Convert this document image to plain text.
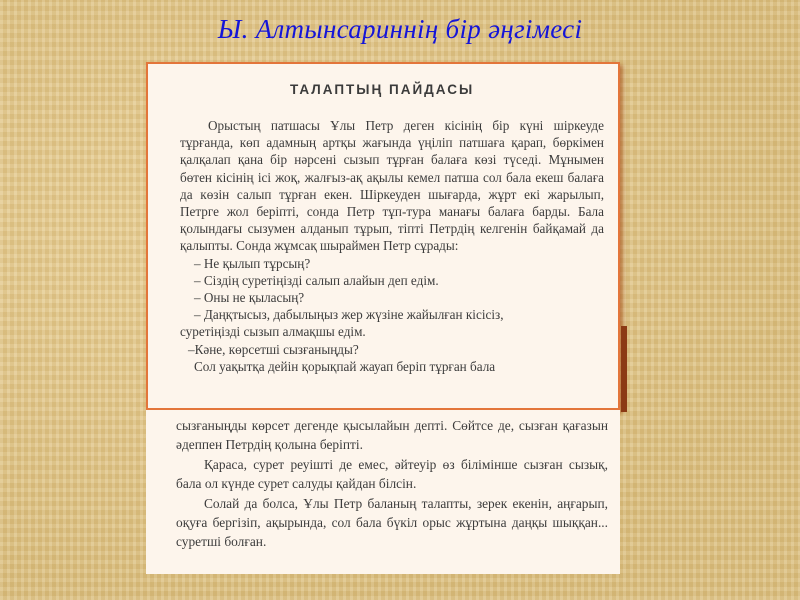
Ы. Алтынсариннің бір әңгімесі
ТАЛАПТЫҢ ПАЙДАСЫ

Орыстың патшасы Ұлы Петр деген кісінің бір күні шіркеуде тұрғанда, көп адамның артқы жағында үңіліп патшаға қарап, бөркімен қалқалап қана бір нәрсені сызып тұрған балаға көзі түседі. Мұнымен бөтен кісінің ісі жоқ, жалғыз-ақ ақылы кемел патша сол бала екеш балаға да көзін салып тұрған екен. Шіркеуден шығарда, жұрт екі жарылып, Петрге жол беріпті, сонда Петр тұп-тура манағы балаға барды. Бала қолындағы сызумен алданып тұрып, тіпті Петрдің келгенін байқамай да қалыпты. Сонда жұмсақ шыраймен Петр сұрады:

– Не қылып тұрсың?

– Сіздің суретіңізді салып алайын деп едім.

– Оны не қыласың?

– Даңқтысыз, дабылыңыз жер жүзіне жайылған кісісіз,

суретіңізді сызып алмақшы едім.

–Кәне, көрсетші сызғаныңды?

Сол уақытқа дейін қорықпай жауап беріп тұрған бала

сызғаныңды көрсет дегенде қысылайын депті. Сөйтсе де, сызған қағазын әдеппен Петрдің қолына беріпті.

Қараса, сурет реуішті де емес, әйтеуір өз білімінше сызған сызық, бала ол күнде сурет салуды қайдан білсін.

Солай да болса, Ұлы Петр баланың талапты, зерек екенін, аңғарып, оқуға бергізіп, ақырында, сол бала бүкіл орыс жұртына даңқы шыққан... суретші болған.
